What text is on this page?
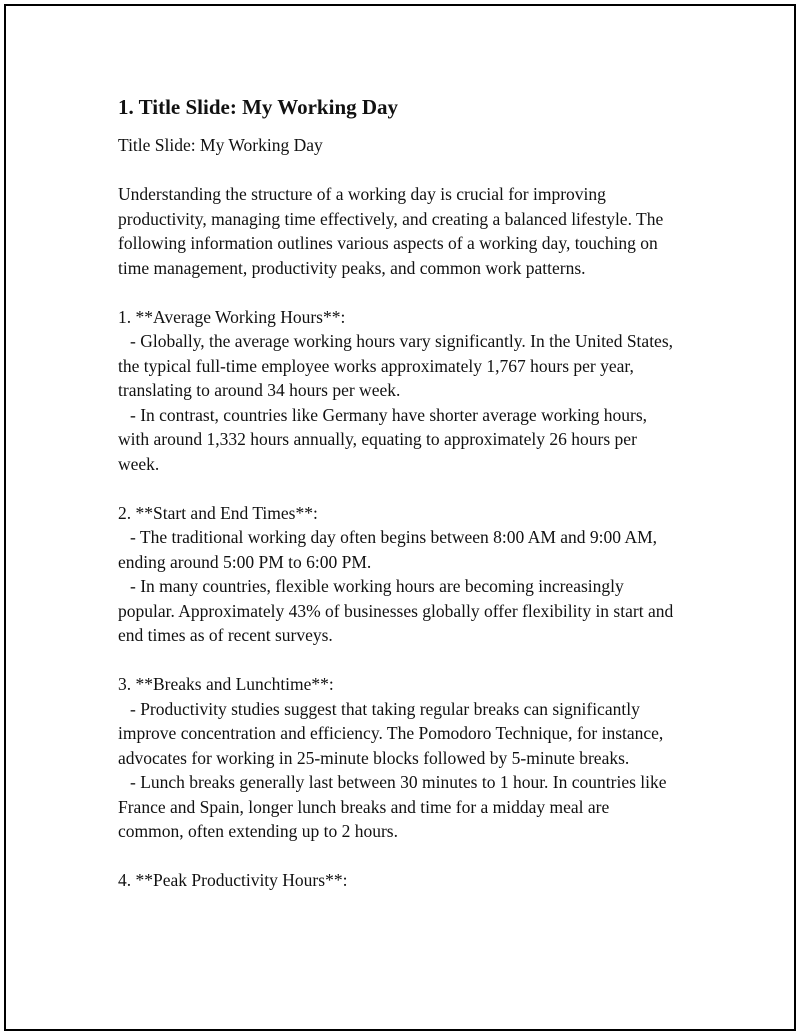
1. Title Slide: My Working Day
Title Slide: My Working Day
Understanding the structure of a working day is crucial for improving productivity, managing time effectively, and creating a balanced lifestyle. The following information outlines various aspects of a working day, touching on time management, productivity peaks, and common work patterns.

1. **Average Working Hours**:

- Globally, the average working hours vary significantly. In the United States, the typical full-time employee works approximately 1,767 hours per year, translating to around 34 hours per week.

- In contrast, countries like Germany have shorter average working hours, with around 1,332 hours annually, equating to approximately 26 hours per week.

2. **Start and End Times**:

- The traditional working day often begins between 8:00 AM and 9:00 AM, ending around 5:00 PM to 6:00 PM.

- In many countries, flexible working hours are becoming increasingly popular. Approximately 43% of businesses globally offer flexibility in start and end times as of recent surveys.

3. **Breaks and Lunchtime**:

- Productivity studies suggest that taking regular breaks can significantly improve concentration and efficiency. The Pomodoro Technique, for instance, advocates for working in 25-minute blocks followed by 5-minute breaks.

- Lunch breaks generally last between 30 minutes to 1 hour. In countries like France and Spain, longer lunch breaks and time for a midday meal are common, often extending up to 2 hours.

4. **Peak Productivity Hours**:
